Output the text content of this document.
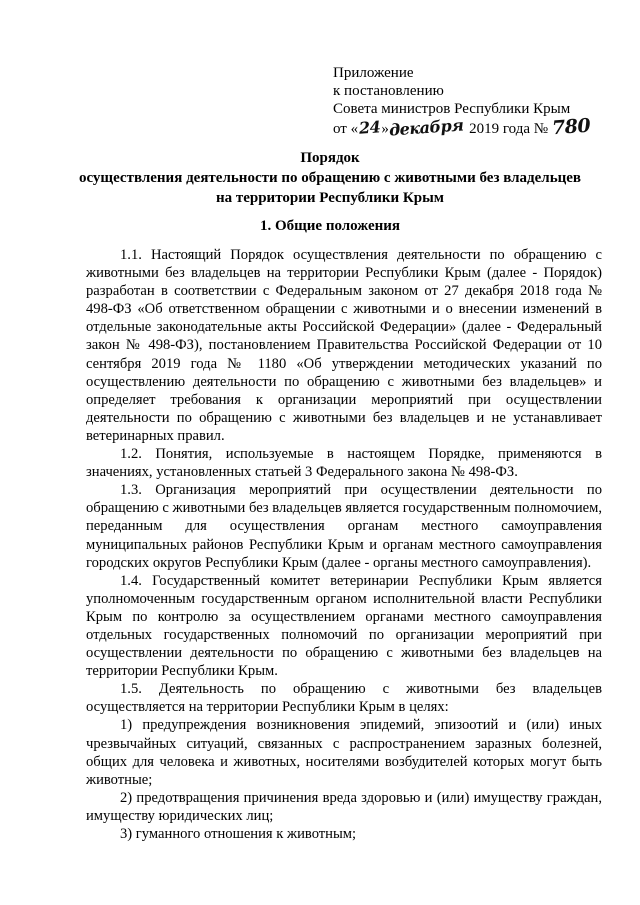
Приложение
к постановлению
Совета министров Республики Крым
от «24»декабря 2019 года № 780
Порядок
осуществления деятельности по обращению с животными без владельцев
на территории Республики Крым
1. Общие положения

1.1. Настоящий Порядок осуществления деятельности по обращению с животными без владельцев на территории Республики Крым (далее - Порядок) разработан в соответствии с Федеральным законом от 27 декабря 2018 года № 498-ФЗ «Об ответственном обращении с животными и о внесении изменений в отдельные законодательные акты Российской Федерации» (далее - Федеральный закон № 498-ФЗ), постановлением Правительства Российской Федерации от 10 сентября 2019 года № 1180 «Об утверждении методических указаний по осуществлению деятельности по обращению с животными без владельцев» и определяет требования к организации мероприятий при осуществлении деятельности по обращению с животными без владельцев и не устанавливает ветеринарных правил.

1.2. Понятия, используемые в настоящем Порядке, применяются в значениях, установленных статьей 3 Федерального закона № 498-ФЗ.

1.3. Организация мероприятий при осуществлении деятельности по обращению с животными без владельцев является государственным полномочием, переданным для осуществления органам местного самоуправления муниципальных районов Республики Крым и органам местного самоуправления городских округов Республики Крым (далее - органы местного самоуправления).

1.4. Государственный комитет ветеринарии Республики Крым является уполномоченным государственным органом исполнительной власти Республики Крым по контролю за осуществлением органами местного самоуправления отдельных государственных полномочий по организации мероприятий при осуществлении деятельности по обращению с животными без владельцев на территории Республики Крым.

1.5. Деятельность по обращению с животными без владельцев осуществляется на территории Республики Крым в целях:

1) предупреждения возникновения эпидемий, эпизоотий и (или) иных чрезвычайных ситуаций, связанных с распространением заразных болезней, общих для человека и животных, носителями возбудителей которых могут быть животные;

2) предотвращения причинения вреда здоровью и (или) имуществу граждан, имуществу юридических лиц;

3) гуманного отношения к животным;
